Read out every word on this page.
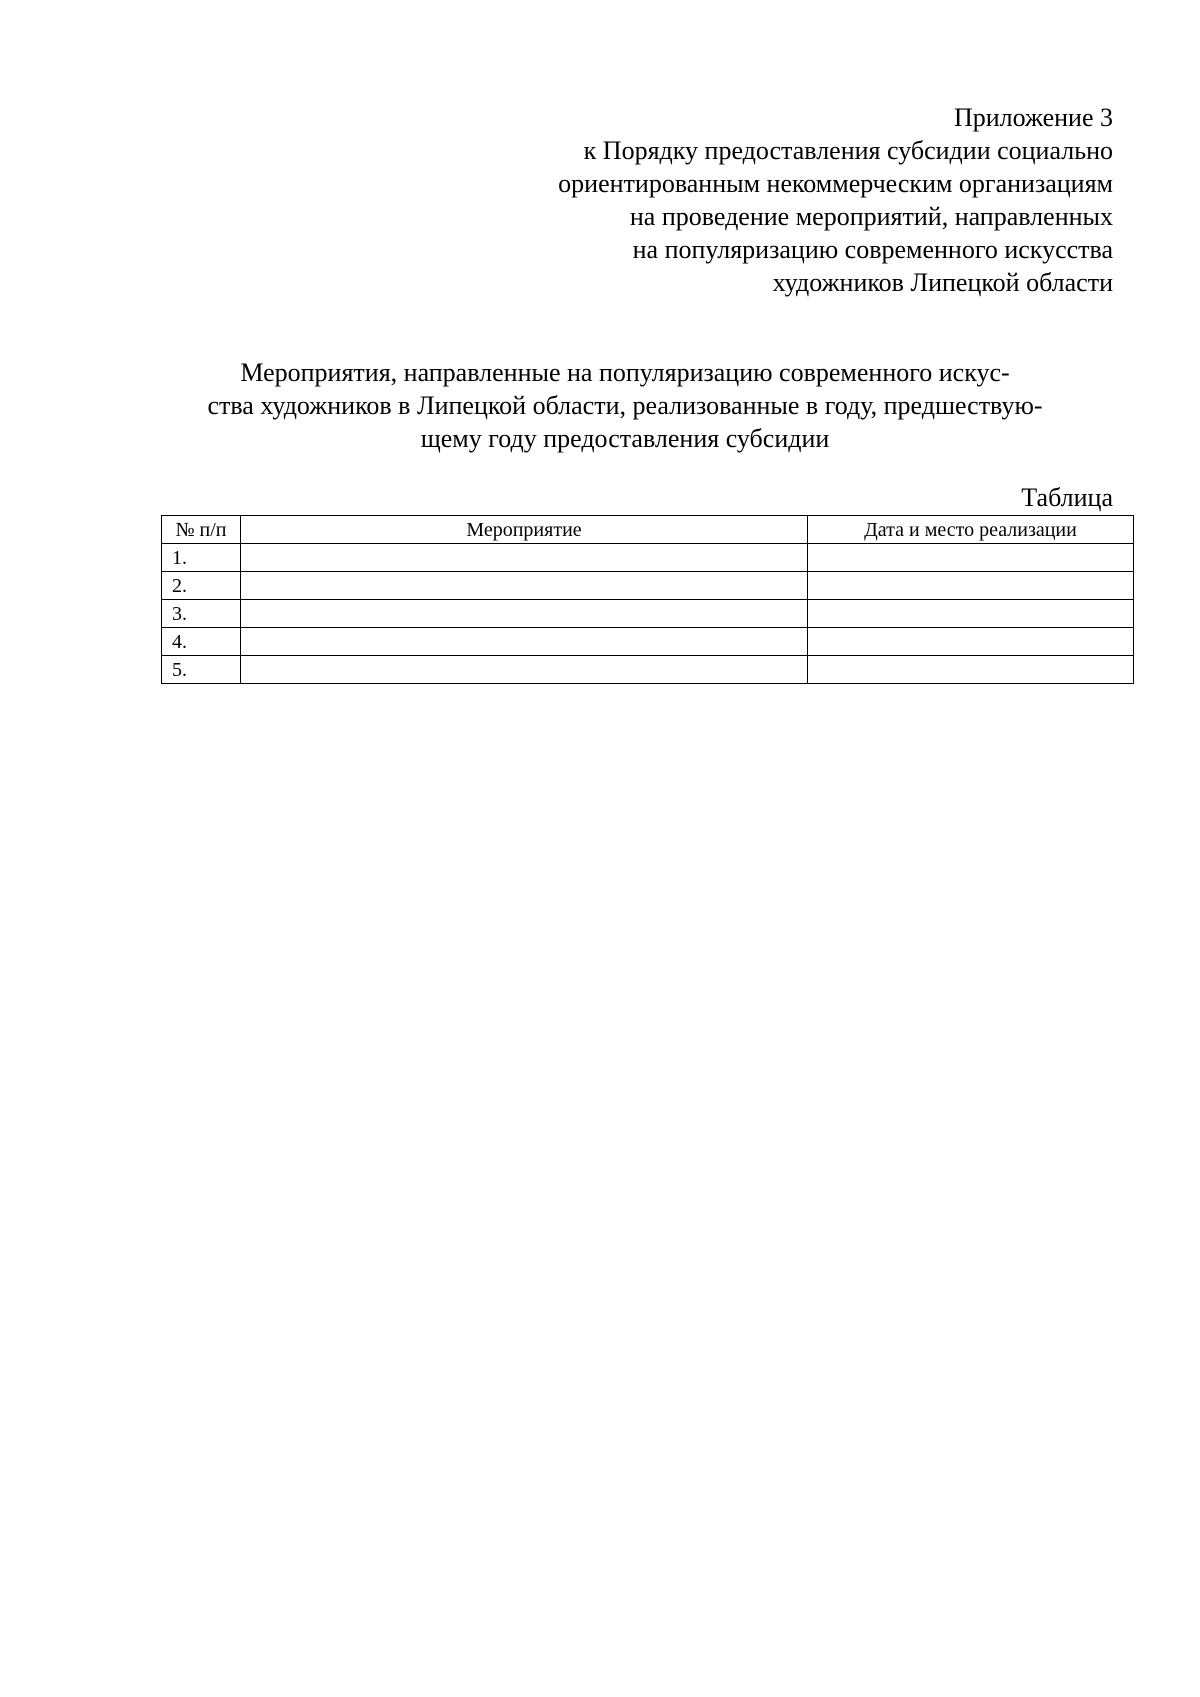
Приложение 3
к Порядку предоставления субсидии социально
ориентированным некоммерческим организациям
на проведение мероприятий, направленных
на популяризацию современного искусства
художников Липецкой области
Мероприятия, направленные на популяризацию современного искус-
ства художников в Липецкой области, реализованные в году, предшествую-
щему году предоставления субсидии
Таблица
№ п/п	Мероприятие	Дата и место реализации
1.		
2.		
3.		
4.		
5.		
